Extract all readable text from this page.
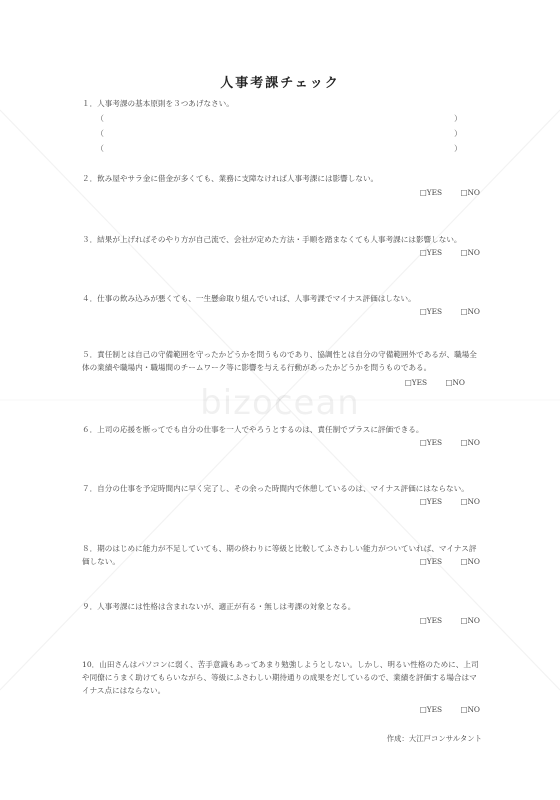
bizocean
人事考課チェック
１．人事考課の基本原則を３つあげなさい。
（	）
（	）
（	）
２．飲み屋やサラ金に借金が多くても、業務に支障なければ人事考課には影響しない。
□YES □NO
３．結果が上げればそのやり方が自己流で、会社が定めた方法・手順を踏まなくても人事考課には影響しない。
□YES □NO
４．仕事の飲み込みが悪くても、一生懸命取り組んでいれば、人事考課でマイナス評価はしない。
□YES □NO
５．責任制とは自己の守備範囲を守ったかどうかを問うものであり、協調性とは自分の守備範囲外であるが、職場全体の業績や職場内・職場間のチームワーク等に影響を与える行動があったかどうかを問うものである。
□YES □NO
６．上司の応援を断ってでも自分の仕事を一人でやろうとするのは、責任制でプラスに評価できる。
□YES □NO
７．自分の仕事を予定時間内に早く完了し、その余った時間内で休憩しているのは、マイナス評価にはならない。
□YES □NO
８．期のはじめに能力が不足していても、期の終わりに等級と比較してふさわしい能力がついていれば、マイナス評価しない。	□YES □NO
９．人事考課には性格は含まれないが、適正が有る・無しは考課の対象となる。
□YES □NO
10．山田さんはパソコンに弱く、苦手意識もあってあまり勉強しようとしない。しかし、明るい性格のために、上司や同僚にうまく助けてもらいながら、等級にふさわしい期待通りの成果をだしているので、業績を評価する場合はマイナス点にはならない。
□YES □NO
作成：大江戸コンサルタント
